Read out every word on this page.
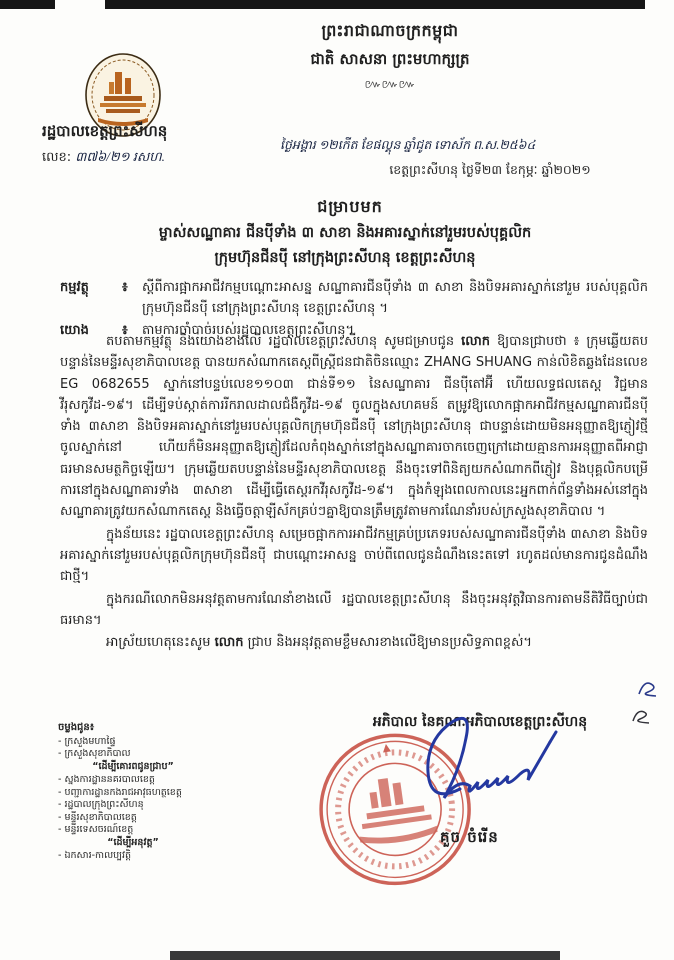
ព្រះរាជាណាចក្រកម្ពុជា
ជាតិ សាសនា ព្រះមហាក្សត្រ
៚៚៚
រដ្ឋបាលខេត្តព្រះសីហនុ
លេខ: ៣៧៦/២១ រសហ.
ថ្ងៃអង្គារ ១២កើត ខែផល្គុន ឆ្នាំជូត ទោស័ក ព.ស.២៥៦៤
ខេត្តព្រះសីហនុ ថ្ងៃទី២៣ ខែកុម្ភៈ ឆ្នាំ២០២១
ជម្រាបមក
ម្ចាស់សណ្ឋាគារ ជីនប៉ីទាំង ៣ សាខា និងអគារស្នាក់នៅរួមរបស់បុគ្គលិក
ក្រុមហ៊ុនជីនប៉ី នៅក្រុងព្រះសីហនុ ខេត្តព្រះសីហនុ
កម្មវត្ថុ	៖ ស្តីពីការផ្អាកអាជីវកម្មបណ្តោះអាសន្ន សណ្ឋាគារជីនប៉ីទាំង ៣ សាខា និងបិទអគារស្នាក់នៅរួម របស់បុគ្គលិកក្រុមហ៊ុនជីនប៉ី នៅក្រុងព្រះសីហនុ ខេត្តព្រះសីហនុ ។
យោង	៖ តាមការចាំបាច់របស់រដ្ឋបាលខេត្តព្រះសីហនុ។

តបតាមកម្មវត្ថុ និងយោងខាងលើ រដ្ឋបាលខេត្តព្រះសីហនុ សូមជម្រាបជូន លោក ឱ្យបានជ្រាបថា ៖ ក្រុមឆ្លើយតបបន្ទាន់នៃមន្ទីរសុខាភិបាលខេត្ត បានយកសំណាកតេស្តពីស្ត្រីជនជាតិចិនឈ្មោះ ZHANG SHUANG កាន់លិខិតឆ្លងដែនលេខ EG 0682655 ស្នាក់នៅបន្ទប់លេខ១១០៣ ជាន់ទី១១ នៃសណ្ឋាគារ ជីនប៉ីតៅអ៊ី ហើយលទ្ធផលតេស្ត វិជ្ជមានវីរុសកូវីដ-១៩។ ដើម្បីទប់ស្កាត់ការរីករាលដាលជំងឺកូវីដ-១៩ ចូលក្នុងសហគមន៍ តម្រូវឱ្យលោកផ្អាកអាជីវកម្មសណ្ឋាគារជីនប៉ីទាំង ៣សាខា និងបិទអគារស្នាក់នៅរួមរបស់បុគ្គលិកក្រុមហ៊ុនជីនប៉ី នៅក្រុងព្រះសីហនុ ជាបន្ទាន់ដោយមិនអនុញ្ញាតឱ្យភ្ញៀវថ្មីចូលស្នាក់នៅ ហើយក៏មិនអនុញ្ញាតឱ្យភ្ញៀវដែលកំពុងស្នាក់នៅក្នុងសណ្ឋាគារចាកចេញក្រៅដោយគ្មានការអនុញ្ញាតពីអាជ្ញាធរមានសមត្ថកិច្ចឡើយ។ ក្រុមឆ្លើយតបបន្ទាន់នៃមន្ទីរសុខាភិបាលខេត្ត នឹងចុះទៅពិនិត្យយកសំណាកពីភ្ញៀវ និងបុគ្គលិកបម្រើការនៅក្នុងសណ្ឋាគារទាំង ៣សាខា ដើម្បីធ្វើតេស្តរកវីរុសកូវីដ-១៩។ ក្នុងកំឡុងពេលកាលនេះអ្នកពាក់ព័ន្ធទាំងអស់នៅក្នុងសណ្ឋាគារត្រូវយកសំណាកតេស្ត និងធ្វើចត្តាឡីស័កគ្រប់ៗគ្នាឱ្យបានត្រឹមត្រូវតាមការណែនាំរបស់ក្រសួងសុខាភិបាល ។

ក្នុងន័យនេះ រដ្ឋបាលខេត្តព្រះសីហនុ សម្រេចផ្អាកការអាជីវកម្មគ្រប់ប្រភេទរបស់សណ្ឋាគារជីនប៉ីទាំង ៣សាខា និងបិទអគារស្នាក់នៅរួមរបស់បុគ្គលិកក្រុមហ៊ុនជីនប៉ី ជាបណ្តោះអាសន្ន ចាប់ពីពេលជូនដំណឹងនេះតទៅ រហូតដល់មានការជូនដំណឹងជាថ្មី។

ក្នុងករណីលោកមិនអនុវត្តតាមការណែនាំខាងលើ រដ្ឋបាលខេត្តព្រះសីហនុ នឹងចុះអនុវត្តវិធានការតាមនីតិវិធីច្បាប់ជាធរមាន។

អាស្រ័យហេតុនេះសូម លោក ជ្រាប និងអនុវត្តតាមខ្លឹមសារខាងលើឱ្យមានប្រសិទ្ធភាពខ្ពស់។

អភិបាល នៃគណៈអភិបាលខេត្តព្រះសីហនុ
គួច ចំរើន
ចម្លងជូន៖
- ក្រសួងមហាផ្ទៃ
- ក្រសួងសុខាភិបាល
“ដើម្បីគោរពជូនជ្រាប”
- ស្នងការដ្ឋាននគរបាលខេត្ត
- បញ្ជាការដ្ឋានកងរាជអាវុធហត្ថខេត្ត
- រដ្ឋបាលក្រុងព្រះសីហនុ
- មន្ទីរសុខាភិបាលខេត្ត
- មន្ទីរទេសចរណ៍ខេត្ត
“ដើម្បីអនុវត្ត”
- ឯកសារ-កាលប្បវត្តិ
